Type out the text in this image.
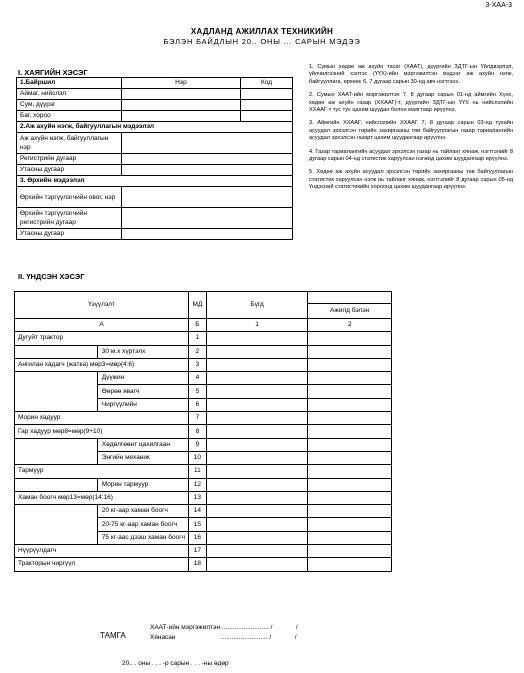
3-ХАА-3
ХАДЛАНД АЖИЛЛАХ ТЕХНИКИЙН
БЭЛЭН БАЙДЛЫН 20.. ОНЫ ... САРЫН МЭДЭЭ
I. ХАЯГИЙН ХЭСЭГ
1.Байршил	Нэр	Код
Аймаг, нийслэл		
Сум, дүүрэг		
Баг, хороо		
2.Аж ахуйн нэгж, байгууллагын мэдээлэл		
Аж ахуйн нэгж, байгууллагын нэр		
Регистрийн дугаар		
Утасны дугаар		
3. Өрхийн мэдээлэл		
Өрхийн тэргүүлэгчийн овог, нэр		
Өрхийн тэргүүлэгчийн регистрийн дугаар		
Утасны дугаар		

1. Сумын хөдөө аж ахуйн тасаг (ХААТ), дүүргийн ЗДТГ-ын Үйлдвэрлэл, үйлчилгээний хэлтэс (ҮҮХ)-ийн мэргэжилтэн мэдээг аж ахуйн нэгж, байгууллага, өрхөөс 6, 7 дугаар сарын 30-нд авч нэгтгэнэ.

2. Сумын ХААТ-ийн мэргэжилтэн 7, 8 дугаар сарын 01-нд аймгийн Хүнс, хөдөө аж ахуйн газар (ХХААГ)-т, дүүргийн ЗДТГ-ын ҮҮХ нь нийслэлийн ХХААГ-т тус тус цахим шуудан болон маягтаар ирүүлнэ.

3. Аймгийн ХХААГ, нийслэлийн ХХААГ 7, 8 дугаар сарын 03-нд тухайн асуудал эрхэлсэн төрийн захиргааны төв байгууллагын газар тариалангийн асуудал эрхэлсэн газарт цахим шуудангаар ирүүлнэ.

4. Газар тариалангийн асуудал эрхэлсэн газар нь тайланг хянаж, нэгтгэлийг 8 дугаар сарын 04-нд статистик харуулсан нэгжид цахим шуудангаар ирүүлнэ.

5. Хөдөө аж ахуйн асуудал эрхэлсэн төрийн захиргааны төв байгууллагын статистик харуулсан нэгж нь тайланг хянаж, нэгтгэлийг 8 дугаар сарын 05-нд Үндэсний статистикийн хороонд цахим шуудангаар ирүүлнэ.

II. ҮНДСЭН ХЭСЭГ
Үзүүлэлт		МД	Бүгд	
				Ажилд бэлэн
А		Б	1	2
Дугуйт трактор		1		
	30 м.х хүртэлх	2		
Ангилан хадагч (жатка) мөр3=мөр(4:6)		3		
	Дүүжин	4		
	Өөрөө явагч	5		
	Чиргүүлийн	6		
Морин хадуур		7		
Гар хадуур мөр8=мөр(9+10)		8		
	Хөдөлгөөнт цахилгаан	9		
	Энгийн механик	10		
Тармуур		11		
	Морин тармуур	12		
Хаман боогч мөр13=мөр(14:16)		13		
	20 кг-аар хаман боогч	14		
	20-75 кг-аар хаман боогч	15		
	75 кг-аас дээш хаман боогч	16		
Нүүрүүлдагч		17		
Тракторын чиргүүл		18		
ТАМГА
ХААТ-ийн мэргэжилтэн .......................... /             /
Хянасан                         .......................... /             /
20.. . оны . . . -р сарын . . . -ны өдөр
